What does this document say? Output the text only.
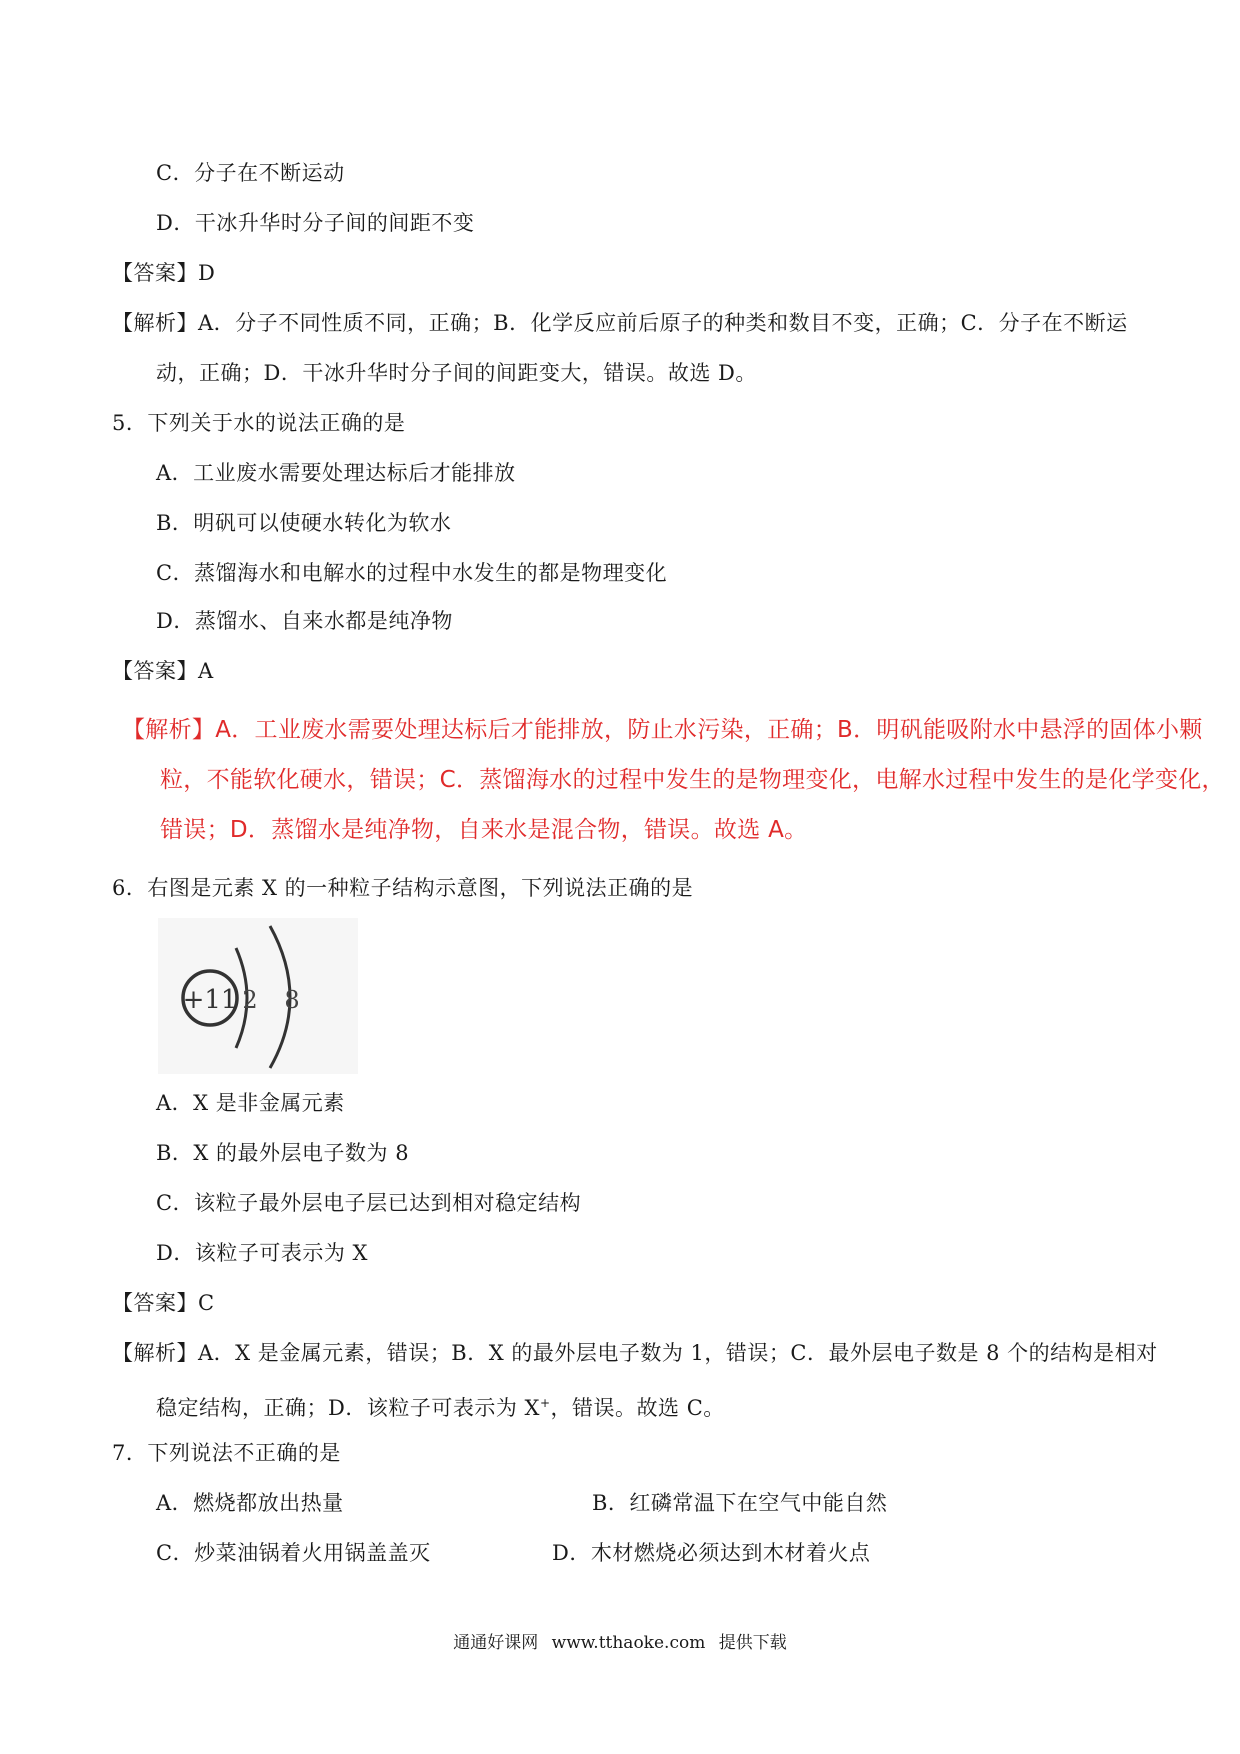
C．分子在不断运动
D．干冰升华时分子间的间距不变
【答案】D
【解析】A．分子不同性质不同，正确；B．化学反应前后原子的种类和数目不变，正确；C．分子在不断运
动，正确；D．干冰升华时分子间的间距变大，错误。故选 D。
5．下列关于水的说法正确的是
A．工业废水需要处理达标后才能排放
B．明矾可以使硬水转化为软水
C．蒸馏海水和电解水的过程中水发生的都是物理变化
D．蒸馏水、自来水都是纯净物
【答案】A
【解析】A．工业废水需要处理达标后才能排放，防止水污染，正确；B．明矾能吸附水中悬浮的固体小颗
粒，不能软化硬水，错误；C．蒸馏海水的过程中发生的是物理变化，电解水过程中发生的是化学变化，
错误；D．蒸馏水是纯净物，自来水是混合物，错误。故选 A。
6．右图是元素 X 的一种粒子结构示意图，下列说法正确的是
+11 2 8
A．X 是非金属元素
B．X 的最外层电子数为 8
C．该粒子最外层电子层已达到相对稳定结构
D．该粒子可表示为 X
【答案】C
【解析】A．X 是金属元素，错误；B．X 的最外层电子数为 1，错误；C．最外层电子数是 8 个的结构是相对
稳定结构，正确；D．该粒子可表示为 X+，错误。故选 C。
7．下列说法不正确的是
A．燃烧都放出热量	B．红磷常温下在空气中能自然
C．炒菜油锅着火用锅盖盖灭	D．木材燃烧必须达到木材着火点
通通好课网 www.tthaoke.com 提供下载
